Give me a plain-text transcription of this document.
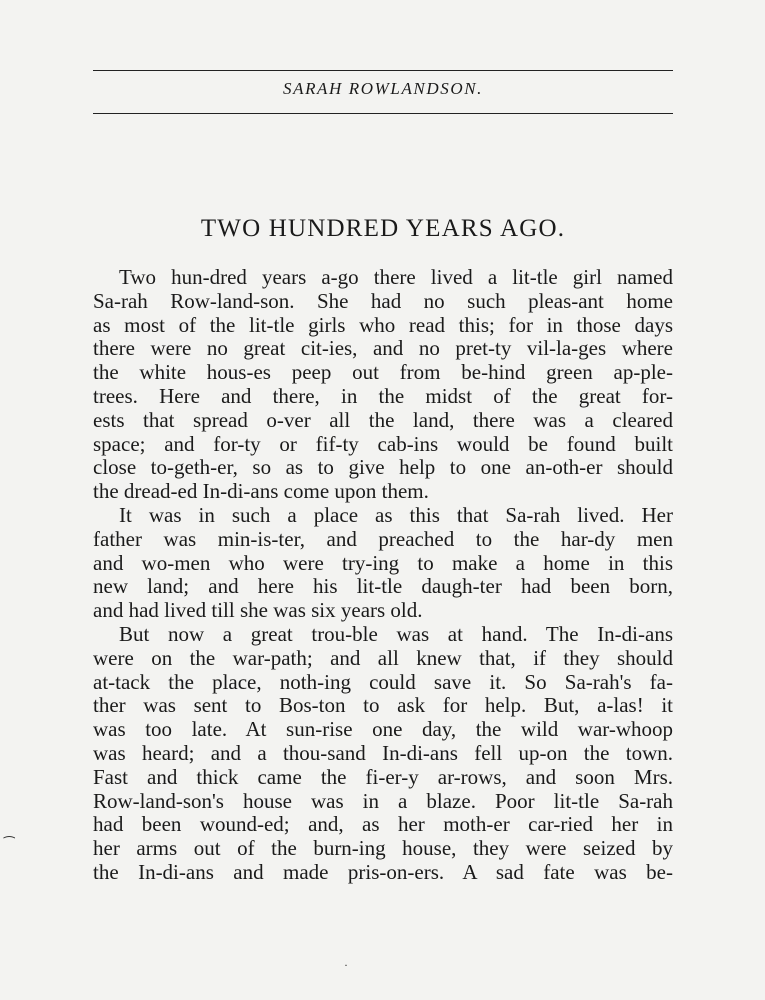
SARAH ROWLANDSON.
TWO HUNDRED YEARS AGO.
Two hun-dred years a-go there lived a lit-tle girl named
Sa-rah Row-land-son. She had no such pleas-ant home
as most of the lit-tle girls who read this; for in those days
there were no great cit-ies, and no pret-ty vil-la-ges where
the white hous-es peep out from be-hind green ap-ple-
trees. Here and there, in the midst of the great for-
ests that spread o-ver all the land, there was a cleared
space; and for-ty or fif-ty cab-ins would be found built
close to-geth-er, so as to give help to one an-oth-er should
the dread-ed In-di-ans come upon them.
It was in such a place as this that Sa-rah lived. Her
father was min-is-ter, and preached to the har-dy men
and wo-men who were try-ing to make a home in this
new land; and here his lit-tle daugh-ter had been born,
and had lived till she was six years old.
But now a great trou-ble was at hand. The In-di-ans
were on the war-path; and all knew that, if they should
at-tack the place, noth-ing could save it. So Sa-rah's fa-
ther was sent to Bos-ton to ask for help. But, a-las! it
was too late. At sun-rise one day, the wild war-whoop
was heard; and a thou-sand In-di-ans fell up-on the town.
Fast and thick came the fi-er-y ar-rows, and soon Mrs.
Row-land-son's house was in a blaze. Poor lit-tle Sa-rah
had been wound-ed; and, as her moth-er car-ried her in
her arms out of the burn-ing house, they were seized by
the In-di-ans and made pris-on-ers. A sad fate was be-
⁀
·
